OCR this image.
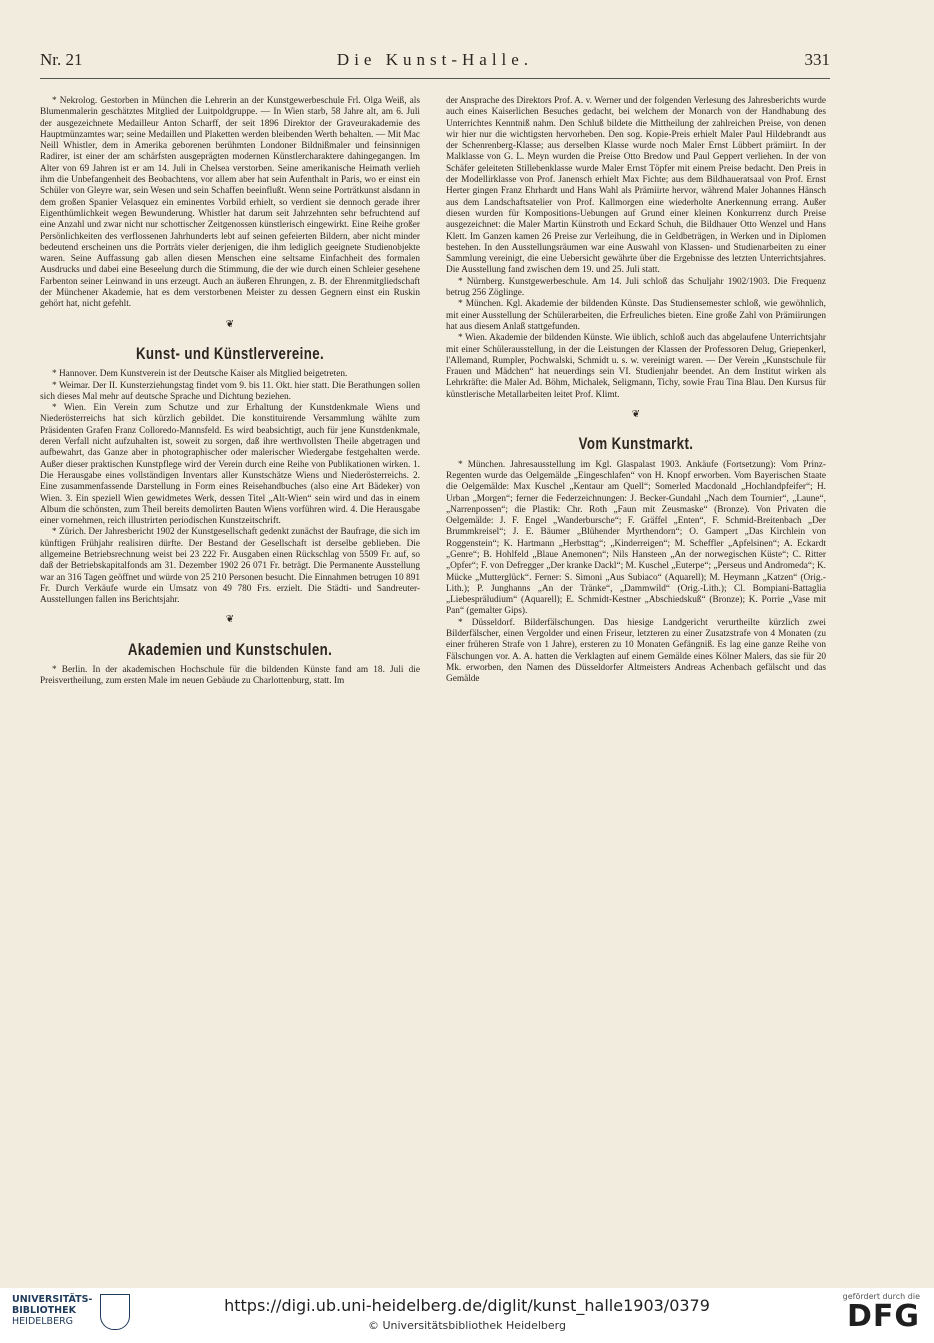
Nr. 21	Die Kunst-Halle.	331

* Nekrolog. Gestorben in München die Lehrerin an der Kunstgewerbeschule Frl. Olga Weiß, als Blumenmalerin geschätztes Mitglied der Luitpoldgruppe. — In Wien starb, 58 Jahre alt, am 6. Juli der ausgezeichnete Medailleur Anton Scharff, der seit 1896 Direktor der Graveurakademie des Hauptmünzamtes war; seine Medaillen und Plaketten werden bleibenden Werth behalten. — Mit Mac Neill Whistler, dem in Amerika geborenen berühmten Londoner Bildnißmaler und feinsinnigen Radirer, ist einer der am schärfsten ausgeprägten modernen Künstlercharaktere dahingegangen. Im Alter von 69 Jahren ist er am 14. Juli in Chelsea verstorben. Seine amerikanische Heimath verlieh ihm die Unbefangenheit des Beobachtens, vor allem aber hat sein Aufenthalt in Paris, wo er einst ein Schüler von Gleyre war, sein Wesen und sein Schaffen beeinflußt. Wenn seine Porträtkunst alsdann in dem großen Spanier Velasquez ein eminentes Vorbild erhielt, so verdient sie dennoch gerade ihrer Eigenthümlichkeit wegen Bewunderung. Whistler hat darum seit Jahrzehnten sehr befruchtend auf eine Anzahl und zwar nicht nur schottischer Zeitgenossen künstlerisch eingewirkt. Eine Reihe großer Persönlichkeiten des verflossenen Jahrhunderts lebt auf seinen gefeierten Bildern, aber nicht minder bedeutend erscheinen uns die Porträts vieler derjenigen, die ihm lediglich geeignete Studienobjekte waren. Seine Auffassung gab allen diesen Menschen eine seltsame Einfachheit des formalen Ausdrucks und dabei eine Beseelung durch die Stimmung, die der wie durch einen Schleier gesehene Farbenton seiner Leinwand in uns erzeugt. Auch an äußeren Ehrungen, z. B. der Ehrenmitgliedschaft der Münchener Akademie, hat es dem verstorbenen Meister zu dessen Gegnern einst ein Ruskin gehört hat, nicht gefehlt.

❦
Kunst- und Künstlervereine.

* Hannover. Dem Kunstverein ist der Deutsche Kaiser als Mitglied beigetreten.

* Weimar. Der II. Kunsterziehungstag findet vom 9. bis 11. Okt. hier statt. Die Berathungen sollen sich dieses Mal mehr auf deutsche Sprache und Dichtung beziehen.

* Wien. Ein Verein zum Schutze und zur Erhaltung der Kunstdenkmale Wiens und Niederösterreichs hat sich kürzlich gebildet. Die konstituirende Versammlung wählte zum Präsidenten Grafen Franz Colloredo-Mannsfeld. Es wird beabsichtigt, auch für jene Kunstdenkmale, deren Verfall nicht aufzuhalten ist, soweit zu sorgen, daß ihre werthvollsten Theile abgetragen und aufbewahrt, das Ganze aber in photographischer oder malerischer Wiedergabe festgehalten werde. Außer dieser praktischen Kunstpflege wird der Verein durch eine Reihe von Publikationen wirken. 1. Die Herausgabe eines vollständigen Inventars aller Kunstschätze Wiens und Niederösterreichs. 2. Eine zusammenfassende Darstellung in Form eines Reisehandbuches (also eine Art Bädeker) von Wien. 3. Ein speziell Wien gewidmetes Werk, dessen Titel „Alt-Wien“ sein wird und das in einem Album die schönsten, zum Theil bereits demolirten Bauten Wiens vorführen wird. 4. Die Herausgabe einer vornehmen, reich illustrirten periodischen Kunstzeitschrift.

* Zürich. Der Jahresbericht 1902 der Kunstgesellschaft gedenkt zunächst der Baufrage, die sich im künftigen Frühjahr realisiren dürfte. Der Bestand der Gesellschaft ist derselbe geblieben. Die allgemeine Betriebsrechnung weist bei 23 222 Fr. Ausgaben einen Rückschlag von 5509 Fr. auf, so daß der Betriebskapitalfonds am 31. Dezember 1902 26 071 Fr. beträgt. Die Permanente Ausstellung war an 316 Tagen geöffnet und würde von 25 210 Personen besucht. Die Einnahmen betrugen 10 891 Fr. Durch Verkäufe wurde ein Umsatz von 49 780 Frs. erzielt. Die Städti- und Sandreuter-Ausstellungen fallen ins Berichtsjahr.

❦
Akademien und Kunstschulen.

* Berlin. In der akademischen Hochschule für die bildenden Künste fand am 18. Juli die Preisvertheilung, zum ersten Male im neuen Gebäude zu Charlottenburg, statt. Im

der Ansprache des Direktors Prof. A. v. Werner und der folgenden Verlesung des Jahresberichts wurde auch eines Kaiserlichen Besuches gedacht, bei welchem der Monarch von der Handhabung des Unterrichtes Kenntniß nahm. Den Schluß bildete die Mittheilung der zahlreichen Preise, von denen wir hier nur die wichtigsten hervorheben. Den sog. Kopie-Preis erhielt Maler Paul Hildebrandt aus der Schenrenberg-Klasse; aus derselben Klasse wurde noch Maler Ernst Lübbert prämiirt. In der Malklasse von G. L. Meyn wurden die Preise Otto Bredow und Paul Geppert verliehen. In der von Schäfer geleiteten Stillebenklasse wurde Maler Ernst Töpfer mit einem Preise bedacht. Den Preis in der Modellirklasse von Prof. Janensch erhielt Max Fichte; aus dem Bildhaueratsaal von Prof. Ernst Herter gingen Franz Ehrhardt und Hans Wahl als Prämiirte hervor, während Maler Johannes Hänsch aus dem Landschaftsatelier von Prof. Kallmorgen eine wiederholte Anerkennung errang. Außer diesen wurden für Kompositions-Uebungen auf Grund einer kleinen Konkurrenz durch Preise ausgezeichnet: die Maler Martin Künstroth und Eckard Schuh, die Bildhauer Otto Wenzel und Hans Klett. Im Ganzen kamen 26 Preise zur Verleihung, die in Geldbeträgen, in Werken und in Diplomen bestehen. In den Ausstellungsräumen war eine Auswahl von Klassen- und Studienarbeiten zu einer Sammlung vereinigt, die eine Uebersicht gewährte über die Ergebnisse des letzten Unterrichtsjahres. Die Ausstellung fand zwischen dem 19. und 25. Juli statt.

* Nürnberg. Kunstgewerbeschule. Am 14. Juli schloß das Schuljahr 1902/1903. Die Frequenz betrug 256 Zöglinge.

* München. Kgl. Akademie der bildenden Künste. Das Studiensemester schloß, wie gewöhnlich, mit einer Ausstellung der Schülerarbeiten, die Erfreuliches bieten. Eine große Zahl von Prämiirungen hat aus diesem Anlaß stattgefunden.

* Wien. Akademie der bildenden Künste. Wie üblich, schloß auch das abgelaufene Unterrichtsjahr mit einer Schülerausstellung, in der die Leistungen der Klassen der Professoren Delug, Griepenkerl, l'Allemand, Rumpler, Pochwalski, Schmidt u. s. w. vereinigt waren. — Der Verein „Kunstschule für Frauen und Mädchen“ hat neuerdings sein VI. Studienjahr beendet. An dem Institut wirken als Lehrkräfte: die Maler Ad. Böhm, Michalek, Seligmann, Tichy, sowie Frau Tina Blau. Den Kursus für künstlerische Metallarbeiten leitet Prof. Klimt.

❦
Vom Kunstmarkt.

* München. Jahresausstellung im Kgl. Glaspalast 1903. Ankäufe (Fortsetzung): Vom Prinz-Regenten wurde das Oelgemälde „Eingeschlafen“ von H. Knopf erworben. Vom Bayerischen Staate die Oelgemälde: Max Kuschel „Kentaur am Quell“; Somerled Macdonald „Hochlandpfeifer“; H. Urban „Morgen“; ferner die Federzeichnungen: J. Becker-Gundahl „Nach dem Tournier“, „Laune“, „Narrenpossen“; die Plastik: Chr. Roth „Faun mit Zeusmaske“ (Bronze). Von Privaten die Oelgemälde: J. F. Engel „Wanderbursche“; F. Gräffel „Enten“, F. Schmid-Breitenbach „Der Brummkreisel“; J. E. Bäumer „Blühender Myrthendorn“; O. Gampert „Das Kirchlein von Roggenstein“; K. Hartmann „Herbsttag“; „Kinderreigen“; M. Scheffler „Apfelsinen“; A. Eckardt „Genre“; B. Hohlfeld „Blaue Anemonen“; Nils Hansteen „An der norwegischen Küste“; C. Ritter „Opfer“; F. von Defregger „Der kranke Dackl“; M. Kuschel „Euterpe“; „Perseus und Andromeda“; K. Mücke „Mutterglück“. Ferner: S. Simoni „Aus Subiaco“ (Aquarell); M. Heymann „Katzen“ (Orig.-Lith.); P. Junghanns „An der Tränke“, „Dammwild“ (Orig.-Lith.); Cl. Bompiani-Battaglia „Liebespräludium“ (Aquarell); E. Schmidt-Kestner „Abschiedskuß“ (Bronze); K. Porrie „Vase mit Pan“ (gemalter Gips).

* Düsseldorf. Bilderfälschungen. Das hiesige Landgericht verurtheilte kürzlich zwei Bilderfälscher, einen Vergolder und einen Friseur, letzteren zu einer Zusatzstrafe von 4 Monaten (zu einer früheren Strafe von 1 Jahre), ersteren zu 10 Monaten Gefängniß. Es lag eine ganze Reihe von Fälschungen vor. A. A. hatten die Verklagten auf einem Gemälde eines Kölner Malers, das sie für 20 Mk. erworben, den Namen des Düsseldorfer Altmeisters Andreas Achenbach gefälscht und das Gemälde

UNIVERSITÄTS-
BIBLIOTHEK
HEIDELBERG
https://digi.ub.uni-heidelberg.de/diglit/kunst_halle1903/0379
© Universitätsbibliothek Heidelberg
gefördert durch die
DFG
